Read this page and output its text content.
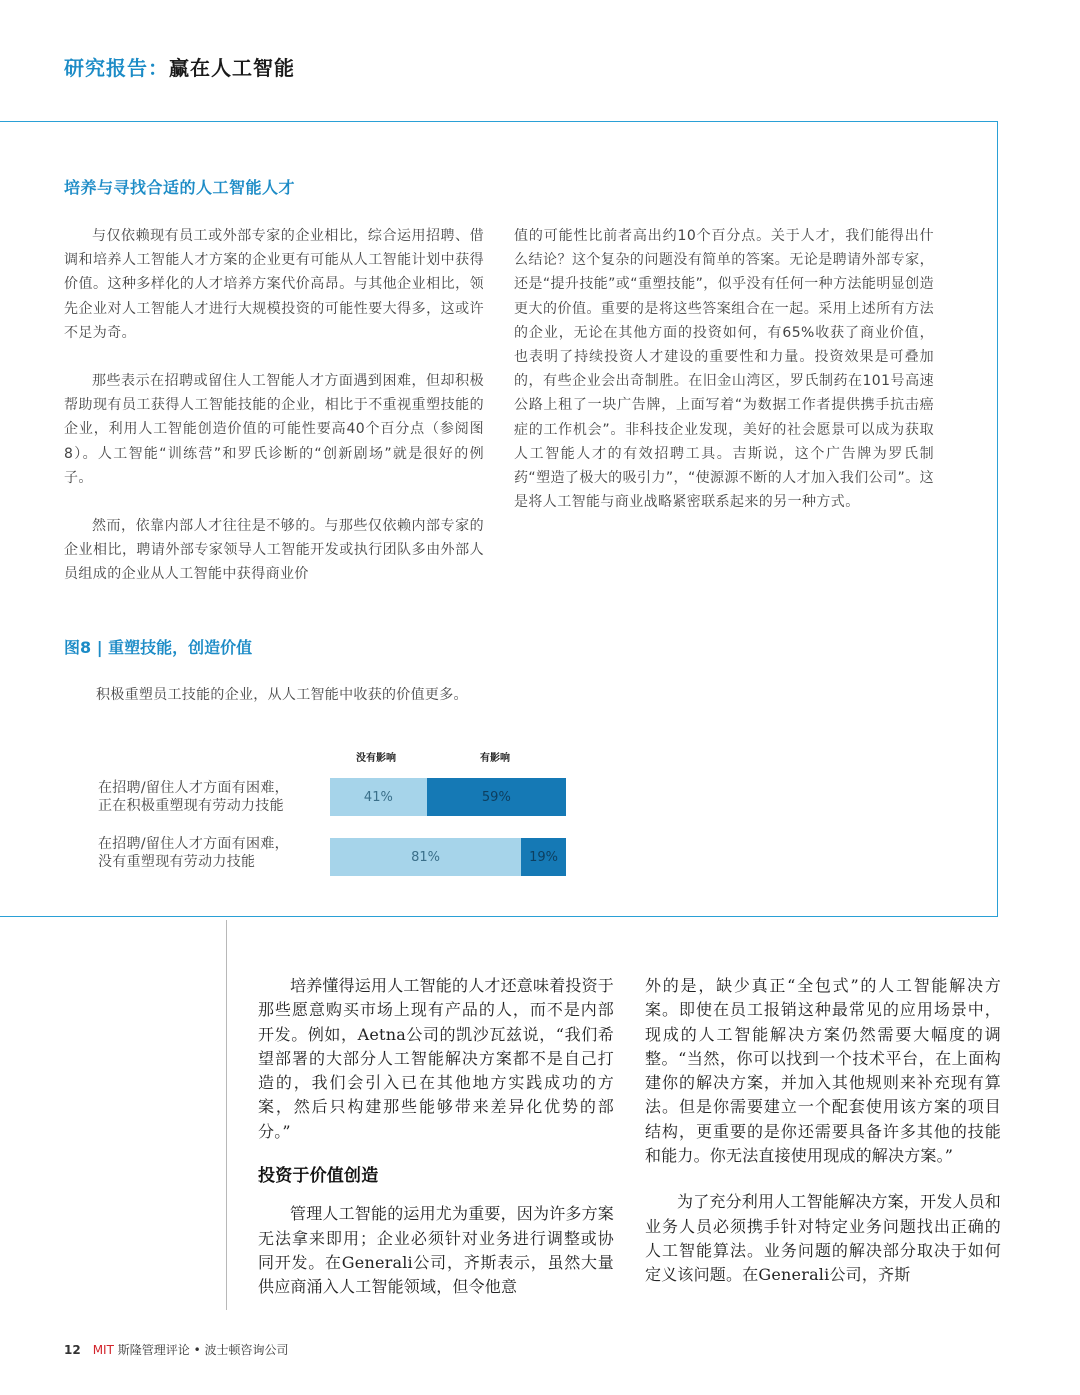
研究报告：赢在人工智能
培养与寻找合适的人工智能人才

与仅依赖现有员工或外部专家的企业相比，综合运用招聘、借调和培养人工智能人才方案的企业更有可能从人工智能计划中获得价值。这种多样化的人才培养方案代价高昂。与其他企业相比，领先企业对人工智能人才进行大规模投资的可能性要大得多，这或许不足为奇。

那些表示在招聘或留住人工智能人才方面遇到困难，但却积极帮助现有员工获得人工智能技能的企业，相比于不重视重塑技能的企业，利用人工智能创造价值的可能性要高40个百分点（参阅图8）。人工智能“训练营”和罗氏诊断的“创新剧场”就是很好的例子。

然而，依靠内部人才往往是不够的。与那些仅依赖内部专家的企业相比，聘请外部专家领导人工智能开发或执行团队多由外部人员组成的企业从人工智能中获得商业价

值的可能性比前者高出约10个百分点。关于人才，我们能得出什么结论？这个复杂的问题没有简单的答案。无论是聘请外部专家，还是“提升技能”或“重塑技能”，似乎没有任何一种方法能明显创造更大的价值。重要的是将这些答案组合在一起。采用上述所有方法的企业，无论在其他方面的投资如何，有65%收获了商业价值，也表明了持续投资人才建设的重要性和力量。投资效果是可叠加的，有些企业会出奇制胜。在旧金山湾区，罗氏制药在101号高速公路上租了一块广告牌，上面写着“为数据工作者提供携手抗击癌症的工作机会”。非科技企业发现，美好的社会愿景可以成为获取人工智能人才的有效招聘工具。吉斯说，这个广告牌为罗氏制药“塑造了极大的吸引力”，“使源源不断的人才加入我们公司”。这是将人工智能与商业战略紧密联系起来的另一种方式。

图8 | 重塑技能，创造价值
积极重塑员工技能的企业，从人工智能中收获的价值更多。
没有影响	有影响
在招聘/留住人才方面有困难，
正在积极重塑现有劳动力技能
41%	59%
在招聘/留住人才方面有困难，
没有重塑现有劳动力技能	81%	19%

培养懂得运用人工智能的人才还意味着投资于那些愿意购买市场上现有产品的人，而不是内部开发。例如，Aetna公司的凯沙瓦兹说，“我们希望部署的大部分人工智能解决方案都不是自己打造的，我们会引入已在其他地方实践成功的方案，然后只构建那些能够带来差异化优势的部分。”

投资于价值创造

管理人工智能的运用尤为重要，因为许多方案无法拿来即用；企业必须针对业务进行调整或协同开发。在Generali公司，齐斯表示，虽然大量供应商涌入人工智能领域，但令他意

外的是，缺少真正“全包式”的人工智能解决方案。即使在员工报销这种最常见的应用场景中，现成的人工智能解决方案仍然需要大幅度的调整。“当然，你可以找到一个技术平台，在上面构建你的解决方案，并加入其他规则来补充现有算法。但是你需要建立一个配套使用该方案的项目结构，更重要的是你还需要具备许多其他的技能和能力。你无法直接使用现成的解决方案。”

为了充分利用人工智能解决方案，开发人员和业务人员必须携手针对特定业务问题找出正确的人工智能算法。业务问题的解决部分取决于如何定义该问题。在Generali公司，齐斯

12 MIT 斯隆管理评论 • 波士顿咨询公司
